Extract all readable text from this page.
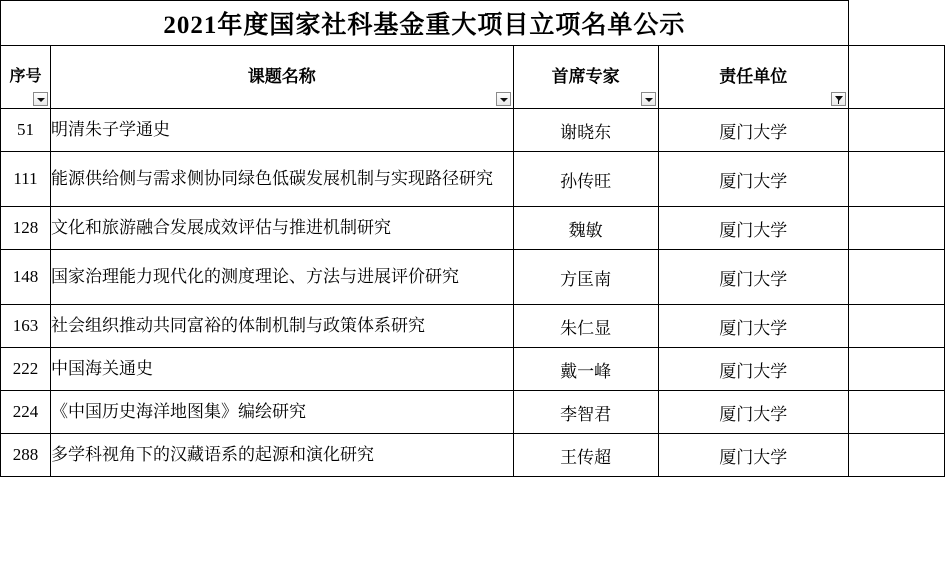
2021年度国家社科基金重大项目立项名单公示				

序号	课题名称	首席专家	责任单位	

51	明清朱子学通史	谢晓东	厦门大学	
111	能源供给侧与需求侧协同绿色低碳发展机制与实现路径研究	孙传旺	厦门大学	
128	文化和旅游融合发展成效评估与推进机制研究	魏敏	厦门大学	
148	国家治理能力现代化的测度理论、方法与进展评价研究	方匡南	厦门大学	
163	社会组织推动共同富裕的体制机制与政策体系研究	朱仁显	厦门大学	
222	中国海关通史	戴一峰	厦门大学	
224	《中国历史海洋地图集》编绘研究	李智君	厦门大学	
288	多学科视角下的汉藏语系的起源和演化研究	王传超	厦门大学	
